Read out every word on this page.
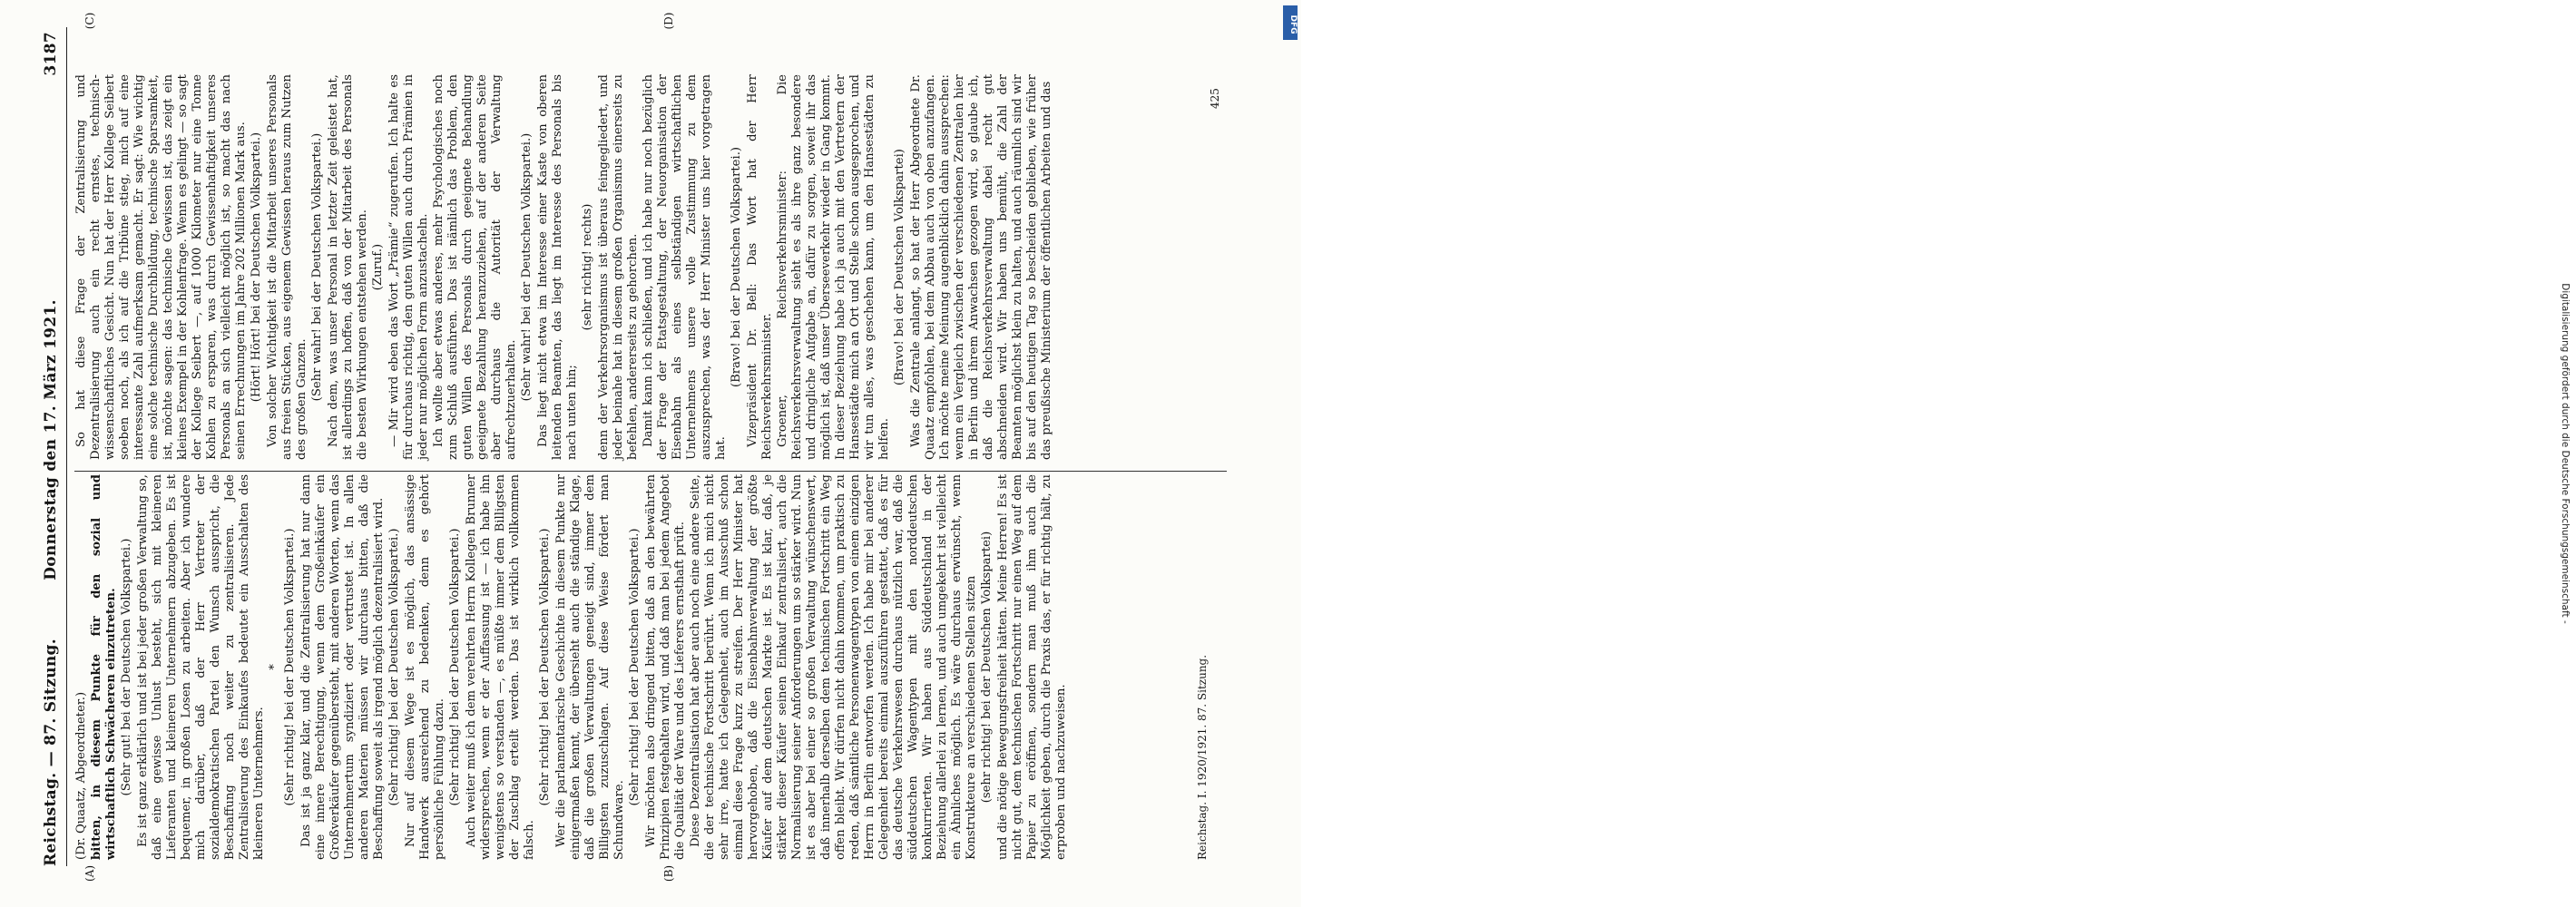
Reichstag. — 87. Sitzung.
Donnerstag den 17. März 1921.
3187
(A)	(B)
(C)	(D)

(Dr. Quaatz, Abgeordneter.) bitten, in diesem Punkte für den sozial und wirtschaftlich Schwächeren einzutreten. (Sehr gut! bei der Deutschen Volkspartei.) Es ist ganz erklärlich und ist bei jeder großen Verwaltung so, daß eine gewisse Unlust besteht, sich mit kleineren Lieferanten und kleineren Unternehmern abzugeben. Es ist bequemer, in großen Losen zu arbeiten. Aber ich wundere mich darüber, daß der Herr Vertreter der sozialdemokratischen Partei den Wunsch ausspricht, die Beschaffung noch weiter zu zentralisieren. Jede Zentralisierung des Einkaufes bedeutet ein Ausschalten des kleineren Unternehmers.

* (Sehr richtig! bei der Deutschen Volkspartei.) Das ist ja ganz klar, und die Zentralisierung hat nur dann eine innere Berechtigung, wenn dem Großeinkäufer ein Großverkäufer gegenübersteht, mit anderen Worten, wenn das Unternehmertum syndiziert oder vertrustet ist. In allen anderen Materien müssen wir durchaus bitten, daß die Beschaffung soweit als irgend möglich dezentralisiert wird. (Sehr richtig! bei der Deutschen Volkspartei.) Nur auf diesem Wege ist es möglich, das ansässige Handwerk ausreichend zu bedenken, denn es gehört persönliche Fühlung dazu. (Sehr richtig! bei der Deutschen Volkspartei.) Auch weiter muß ich dem verehrten Herrn Kollegen Brunner widersprechen, wenn er der Auffassung ist — ich habe ihn wenigstens so verstanden —, es müßte immer dem Billigsten der Zuschlag erteilt werden. Das ist wirklich vollkommen falsch.

(Sehr richtig! bei der Deutschen Volkspartei.) Wer die parlamentarische Geschichte in diesem Punkte nur einigermaßen kennt, der übersieht auch die ständige Klage, daß die großen Verwaltungen geneigt sind, immer dem Billigsten zuzuschlagen. Auf diese Weise fördert man Schundware.

(Sehr richtig! bei der Deutschen Volkspartei.) Wir möchten also dringend bitten, daß an den bewährten Prinzipien festgehalten wird, und daß man bei jedem Angebot die Qualität der Ware und des Lieferers ernsthaft prüft. Diese Dezentralisation hat aber auch noch eine andere Seite, die der technische Fortschritt berührt. Wenn ich mich nicht sehr irre, hatte ich Gelegenheit, auch im Ausschuß schon einmal diese Frage kurz zu streifen. Der Herr Minister hat hervorgehoben, daß die Eisenbahnverwaltung der größte Käufer auf dem deutschen Markte ist. Es ist klar, daß, je stärker dieser Käufer seinen Einkauf zentralisiert, auch die Normalisierung seiner Anforderungen um so stärker wird. Nun ist es aber bei einer so großen Verwaltung wünschenswert, daß innerhalb derselben dem technischen Fortschritt ein Weg offen bleibt. Wir dürfen nicht dahin kommen, um praktisch zu reden, daß sämtliche Personenwagentypen von einem einzigen Herrn in Berlin entworfen werden. Ich habe mir bei anderer Gelegenheit bereits einmal auszuführen gestattet, daß es für das deutsche Verkehrswesen durchaus nützlich war, daß die süddeutschen Wagentypen mit den norddeutschen konkurrierten. Wir haben aus Süddeutschland in der Beziehung allerlei zu lernen, und auch umgekehrt ist vielleicht ein Ähnliches möglich. Es wäre durchaus erwünscht, wenn Konstrukteure an verschiedenen Stellen sitzen (sehr richtig! bei der Deutschen Volkspartei) und die nötige Bewegungsfreiheit hätten. Meine Herren! Es ist nicht gut, dem technischen Fortschritt nur einen Weg auf dem Papier zu eröffnen, sondern man muß ihm auch die Möglichkeit geben, durch die Praxis das, er für richtig hält, zu erproben und nachzuweisen.

So hat diese Frage der Zentralisierung und Dezentralisierung auch ein recht ernstes, technisch-wissenschaftliches Gesicht. Nun hat der Herr Kollege Seibert soeben noch, als ich auf die Tribüne stieg, mich auf eine interessante Zahl aufmerksam gemacht. Er sagt: Wie wichtig eine solche technische Durchbildung, technische Sparsamkeit, ist, möchte sagen: das technische Gewissen ist, das zeigt ein kleines Exempel in der Kohlenfrage. Wenn es gelingt — so sagt der Kollege Seibert —, auf 1000 Kilometer nur eine Tonne Kohlen zu ersparen, was durch Gewissenhaftigkeit unseres Personals an sich vielleicht möglich ist, so macht das nach seinen Errechnungen im Jahre 202 Millionen Mark aus. (Hört! Hört! bei der Deutschen Volkspartei.) Von solcher Wichtigkeit ist die Mitarbeit unseres Personals aus freien Stücken, aus eigenem Gewissen heraus zum Nutzen des großen Ganzen. (Sehr wahr! bei der Deutschen Volkspartei.) Nach dem, was unser Personal in letzter Zeit geleistet hat, ist allerdings zu hoffen, daß von der Mitarbeit des Personals die besten Wirkungen entstehen werden. (Zuruf.) — Mir wird eben das Wort „Prämie“ zugerufen. Ich halte es für durchaus richtig, den guten Willen auch durch Prämien in jeder nur möglichen Form anzustacheln. Ich wollte aber etwas anderes, mehr Psychologisches noch zum Schluß ausführen. Das ist nämlich das Problem, den guten Willen des Personals durch geeignete Behandlung geeignete Bezahlung heranzuziehen, auf der anderen Seite aber durchaus die Autorität der Verwaltung aufrechtzuerhalten. (Sehr wahr! bei der Deutschen Volkspartei.) Das liegt nicht etwa im Interesse einer Kaste von oberen leitenden Beamten, das liegt im Interesse des Personals bis nach unten hin;

(sehr richtig! rechts) denn der Verkehrsorganismus ist überaus feingegliedert, und jeder beinahe hat in diesem großen Organismus einerseits zu befehlen, andererseits zu gehorchen. Damit kann ich schließen, und ich habe nur noch bezüglich der Frage der Etatsgestaltung, der Neuorganisation der Eisenbahn als eines selbständigen wirtschaftlichen Unternehmens unsere volle Zustimmung zu dem auszusprechen, was der Herr Minister uns hier vorgetragen hat.

(Bravo! bei der Deutschen Volkspartei.) Vizepräsident Dr. Bell: Das Wort hat der Herr Reichsverkehrsminister. Groener, Reichsverkehrsminister: Die Reichsverkehrsverwaltung sieht es als ihre ganz besondere und dringliche Aufgabe an, dafür zu sorgen, soweit ihr das möglich ist, daß unser Überseeverkehr wieder in Gang kommt. In dieser Beziehung habe ich ja auch mit den Vertretern der Hansestädte mich an Ort und Stelle schon ausgesprochen, und wir tun alles, was geschehen kann, um den Hansestädten zu helfen.

(Bravo! bei der Deutschen Volkspartei) Was die Zentrale anlangt, so hat der Herr Abgeordnete Dr. Quaatz empfohlen, bei dem Abbau auch von oben anzufangen. Ich möchte meine Meinung augenblicklich dahin aussprechen: wenn ein Vergleich zwischen der verschiedenen Zentralen hier in Berlin und ihrem Anwachsen gezogen wird, so glaube ich, daß die Reichsverkehrsverwaltung dabei recht gut abschneiden wird. Wir haben uns bemüht, die Zahl der Beamten möglichst klein zu halten, und auch räumlich sind wir bis auf den heutigen Tag so bescheiden geblieben, wie früher das preußische Ministerium der öffentlichen Arbeiten und das

Reichstag. I. 1920/1921. 87. Sitzung.
425
Digitalisierung gefördert durch die Deutsche Forschungsgemeinschaft -
DFG
